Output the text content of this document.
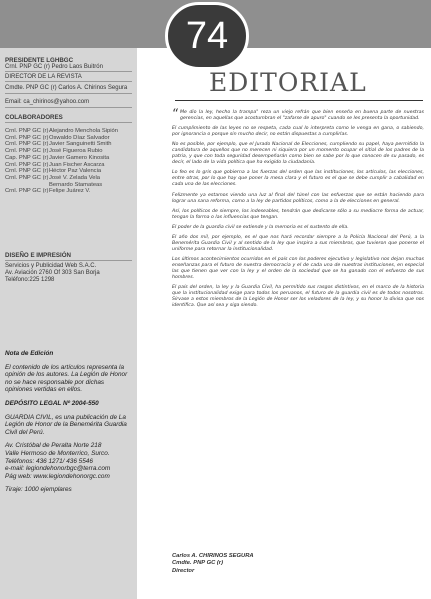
PRESIDENTE LGHBGC
Crnl. PNP GC (r) Pedro Laos Buitrón
DIRECTOR DE LA REVISTA
Cmdte. PNP GC (r) Carlos A. Chirinos Segura
Email: ca_chirinos@yahoo.com
COLABORADORES
Crnl. PNP GC (r)Alejandro Menchola Sipión
Crnl. PNP GC (r)Oswaldo Díaz Salvador
Crnl. PNP GC (r)Javier Sanguinetti Smith
Crnl. PNP GC (r)José Figueroa Rubio
Cap. PNP GC (r)Javier Gamero Kinosita
Crnl. PNP GC (r)Juan Fischer Ascarza
Crnl. PNP GC (r)Héctor Paz Valencia
Crnl. PNP GC (r)José V. Zelada Vela
Bernardo Stamateas
Crnl. PNP GC (r)Felipe Juárez V.
DISEÑO E IMPRESIÓN
Servicios y Publicidad Web S.A.C.
Av. Aviación 2760 Of 303 San Borja
Teléfono:225 1298

Nota de Edición

El contenido de los artículos representa la opinión de los autores. La Legión de Honor no se hace responsable por dichas opiniones vertidas en ellos.

DEPÓSITO LEGAL Nº 2004-550

GUARDIA CIVIL, es una publicación de La Legión de Honor de la Benemérita Guardia Civil del Perú.

Av. Cristóbal de Peralta Norte 218
Valle Hermoso de Monterrico, Surco.
Teléfonos: 436 1271/ 436 5546
e-mail: legiondehonorbgc@terra.com
Pág web: www.legiondehonorgc.com

Tiraje: 1000 ejemplares

74
EDITORIAL
“ Me dio la ley, hecho la trampa" reza un viejo refrán que bien enseña en buena parte de nuestras gerencias, en aquellas que acostumbran el "zafarse de apuro" cuando se les presenta la oportunidad.

El cumplimiento de las leyes no se respeta, cada cual lo interpreta como le venga en gana, o sabiendo, por ignorancia o porque sin mucho decir, no están dispuestas a cumplirlas.

No es posible, por ejemplo, que el Jurado Nacional de Elecciones, cumpliendo su papel, haya permitido la candidatura de aquellos que no merecen ni siquiera por un momento ocupar el sitial de los padres de la patria, y que con toda seguridad desempeñarán como bien se sabe por lo que conocen de su pasado, es decir, el lado de la vida política que ha exigido la ciudadanía.

Lo feo es lo gris que gobierna a las fuerzas del orden que las instituciones, los artículos, las elecciones, entre otras, por lo que hay que poner la mesa clara y el futuro es el que se debe cumplir a cabalidad en cada una de las elecciones.

Felizmente ya estamos viendo una luz al final del túnel con las esfuerzas que se están haciendo para lograr una sana reforma, como a la ley de partidos políticos, como a la de elecciones en general.

Así, los políticos de siempre, los indeseables, tendrán que dedicarse sólo a su mediocre forma de actuar, tengan la forma o las influencias que tengan.

El poder de la guardia civil se extiende y la memoria es el sustento de ella.

El año dos mil, por ejemplo, es el que nos hará recordar siempre a la Policía Nacional del Perú, a la Benemérita Guardia Civil y al sentido de la ley que inspira a sus miembros, que tuvieron que ponerse el uniforme para retornar la institucionalidad.

Los últimos acontecimientos ocurridos en el país con los poderes ejecutivo y legislativo nos dejan muchas enseñanzas para el futuro de nuestra democracia y el de cada una de nuestras instituciones, en especial las que tienen que ver con la ley y el orden de la sociedad que se ha ganado con el esfuerzo de sus hombres.

El país del orden, la ley y la Guardia Civil, ha permitido sus rasgos distintivos, en el marco de la historia que la institucionalidad exige para todos los peruanos, el futuro de la guardia civil es de todos nosotros. Sírvase a estos miembros de la Legión de Honor ser los veladores de la ley, y su honor la divisa que nos identifica. Que así sea y siga siendo.

Carlos A. CHIRINOS SEGURA
Cmdte. PNP GC (r)
Director
